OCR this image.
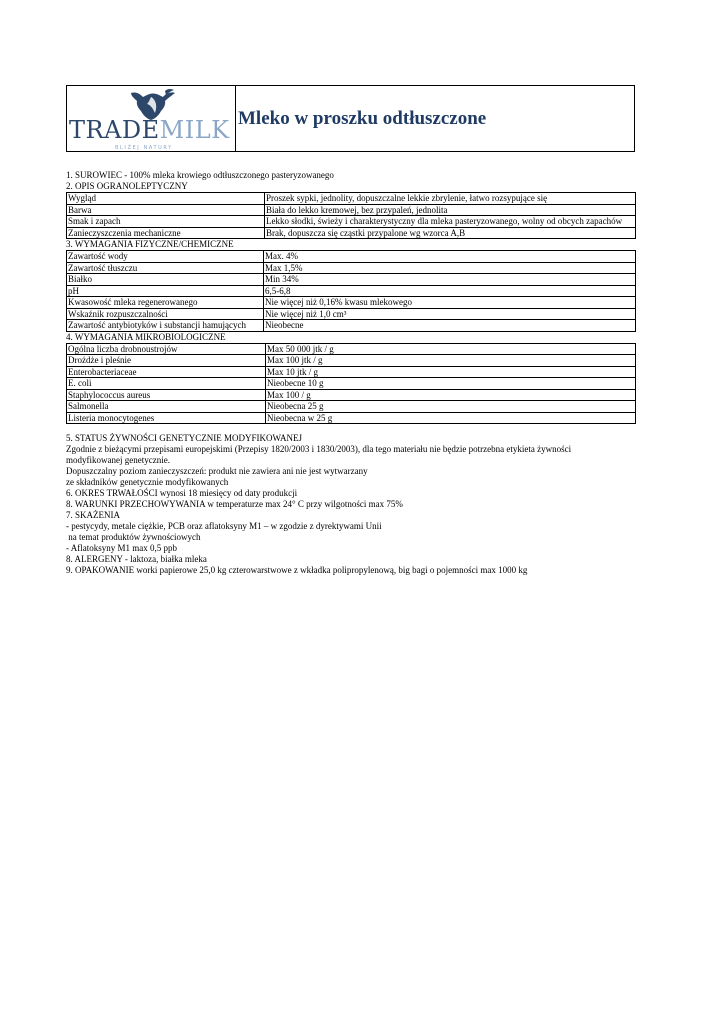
TRADEMILK
BLIŻEJ NATURY
Mleko w proszku odtłuszczone
1. SUROWIEC - 100% mleka krowiego odtłuszczonego pasteryzowanego
2. OPIS OGRANOLEPTYCZNY
Wygląd	Proszek sypki, jednolity, dopuszczalne lekkie zbrylenie, łatwo rozsypujące się
Barwa	Biała do lekko kremowej, bez przypaleń, jednolita
Smak i zapach	Lekko słodki, świeży i charakterystyczny dla mleka pasteryzowanego, wolny od obcych zapachów
Zanieczyszczenia mechaniczne	Brak, dopuszcza się cząstki przypalone wg wzorca A,B
3. WYMAGANIA FIZYCZNE/CHEMICZNE
Zawartość wody	Max. 4%
Zawartość tłuszczu	Max 1,5%
Białko	Min 34%
pH	6,5-6,8
Kwasowość mleka regenerowanego	Nie więcej niż 0,16% kwasu mlekowego
Wskaźnik rozpuszczalności	Nie więcej niż 1,0 cm³
Zawartość antybiotyków i substancji hamujących	Nieobecne
4. WYMAGANIA MIKROBIOLOGICZNE
Ogólna liczba drobnoustrojów	Max 50 000 jtk / g
Drożdże i pleśnie	Max 100 jtk / g
Enterobacteriaceae	Max 10 jtk / g
E. coli	Nieobecne 10 g
Staphylococcus aureus	Max 100 / g
Salmonella	Nieobecna 25 g
Listeria monocytogenes	Nieobecna w 25 g
5. STATUS ŻYWNOŚCI GENETYCZNIE MODYFIKOWANEJ
Zgodnie z bieżącymi przepisami europejskimi (Przepisy 1820/2003 i 1830/2003), dla tego materiału nie będzie potrzebna etykieta żywności
modyfikowanej genetycznie.
Dopuszczalny poziom zanieczyszczeń: produkt nie zawiera ani nie jest wytwarzany
ze składników genetycznie modyfikowanych
6. OKRES TRWAŁOŚCI wynosi 18 miesięcy od daty produkcji
8. WARUNKI PRZECHOWYWANIA w temperaturze max 24° C przy wilgotności max 75%
7. SKAŻENIA
- pestycydy, metale ciężkie, PCB oraz aflatoksyny M1 – w zgodzie z dyrektywami Unii
na temat produktów żywnościowych
- Aflatoksyny M1 max 0,5 ppb
8. ALERGENY - laktoza, białka mleka
9. OPAKOWANIE worki papierowe 25,0 kg czterowarstwowe z wkładka polipropylenową, big bagi o pojemności max 1000 kg
